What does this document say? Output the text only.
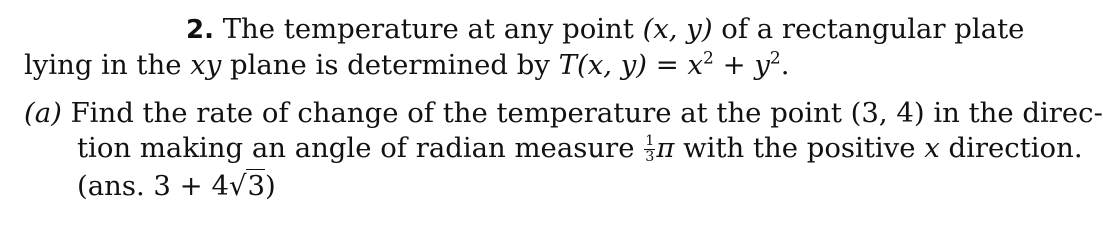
2. The temperature at any point (x, y) of a rectangular plate
lying in the xy plane is determined by T(x, $y) = x^2 + y^2$.
(a) Find the rate of change of the temperature at the point (3, 4) in the direc-
tion making an angle of radian measure $\frac{1}{3}$ π with the positive x direction.
(ans. 3 + 4√3)
